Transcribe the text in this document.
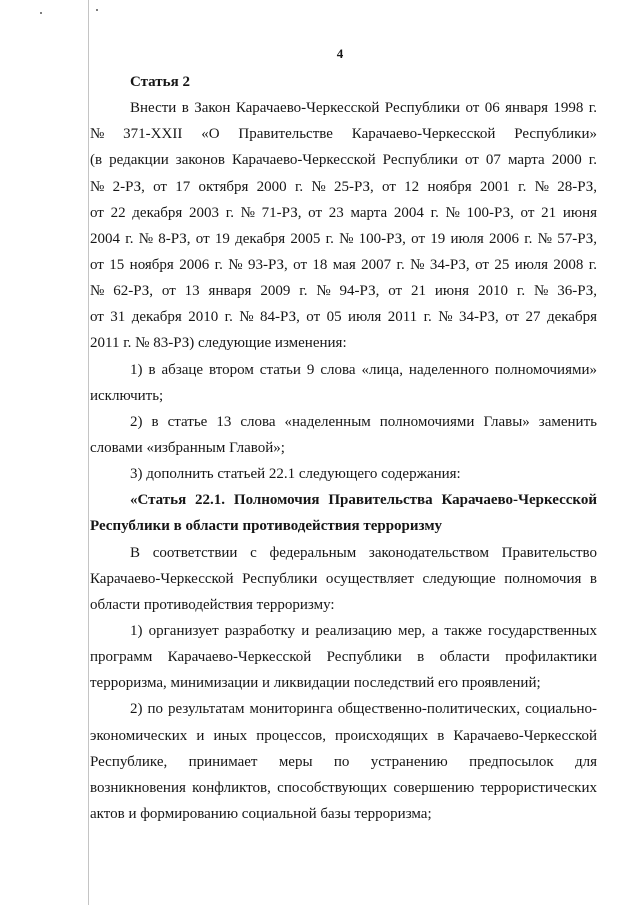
4
Статья 2
Внести в Закон Карачаево-Черкесской Республики от 06 января 1998 г.
№ 371-XXII «О Правительстве Карачаево-Черкесской Республики»
(в редакции законов Карачаево-Черкесской Республики от 07 марта 2000 г.
№ 2-РЗ, от 17 октября 2000 г. № 25-РЗ, от 12 ноября 2001 г. № 28-РЗ,
от 22 декабря 2003 г. № 71-РЗ, от 23 марта 2004 г. № 100-РЗ, от 21 июня
2004 г. № 8-РЗ, от 19 декабря 2005 г. № 100-РЗ, от 19 июля 2006 г. № 57-РЗ,
от 15 ноября 2006 г. № 93-РЗ, от 18 мая 2007 г. № 34-РЗ, от 25 июля 2008 г.
№ 62-РЗ, от 13 января 2009 г. № 94-РЗ, от 21 июня 2010 г. № 36-РЗ,
от 31 декабря 2010 г. № 84-РЗ, от 05 июля 2011 г. № 34-РЗ, от 27 декабря
2011 г. № 83-РЗ) следующие изменения:
1) в абзаце втором статьи 9 слова «лица, наделенного полномочиями»
исключить;
2) в статье 13 слова «наделенным полномочиями Главы» заменить
словами «избранным Главой»;
3) дополнить статьей 22.1 следующего содержания:
«Статья 22.1. Полномочия Правительства Карачаево-Черкесской
Республики в области противодействия терроризму
В соответствии с федеральным законодательством Правительство
Карачаево-Черкесской Республики осуществляет следующие полномочия в
области противодействия терроризму:
1) организует разработку и реализацию мер, а также государственных
программ Карачаево-Черкесской Республики в области профилактики
терроризма, минимизации и ликвидации последствий его проявлений;
2) по результатам мониторинга общественно-политических, социально-
экономических и иных процессов, происходящих в Карачаево-Черкесской
Республике, принимает меры по устранению предпосылок для
возникновения конфликтов, способствующих совершению террористических
актов и формированию социальной базы терроризма;
